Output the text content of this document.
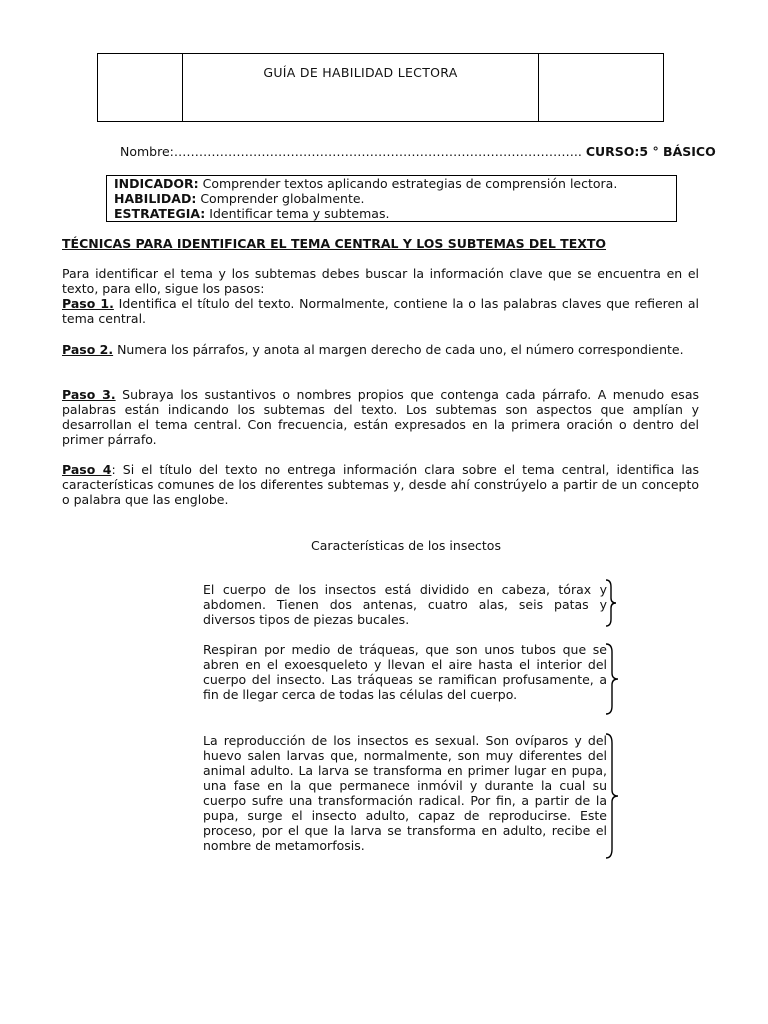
GUÍA DE HABILIDAD LECTORA
Nombre:…………………………………………………………………………………….. CURSO:5 ° BÁSICO
INDICADOR: Comprender textos aplicando estrategias de comprensión lectora.
HABILIDAD: Comprender globalmente.
ESTRATEGIA: Identificar tema y subtemas.
TÉCNICAS PARA IDENTIFICAR EL TEMA CENTRAL Y LOS SUBTEMAS DEL TEXTO
Para identificar el tema y los subtemas debes buscar la información clave que se encuentra en el texto, para ello, sigue los pasos:
Paso 1. Identifica el título del texto. Normalmente, contiene la o las palabras claves que refieren al tema central.
Paso 2. Numera los párrafos, y anota al margen derecho de cada uno, el número correspondiente.
Paso 3. Subraya los sustantivos o nombres propios que contenga cada párrafo. A menudo esas palabras están indicando los subtemas del texto. Los subtemas son aspectos que amplían y desarrollan el tema central. Con frecuencia, están expresados en la primera oración o dentro del primer párrafo.
Paso 4: Si el título del texto no entrega información clara sobre el tema central, identifica las características comunes de los diferentes subtemas y, desde ahí constrúyelo a partir de un concepto o palabra que las englobe.
Características de los insectos
El cuerpo de los insectos está dividido en cabeza, tórax y abdomen. Tienen dos antenas, cuatro alas, seis patas y diversos tipos de piezas bucales.
Respiran por medio de tráqueas, que son unos tubos que se abren en el exoesqueleto y llevan el aire hasta el interior del cuerpo del insecto. Las tráqueas se ramifican profusamente, a fin de llegar cerca de todas las células del cuerpo.
La reproducción de los insectos es sexual. Son ovíparos y del huevo salen larvas que, normalmente, son muy diferentes del animal adulto. La larva se transforma en primer lugar en pupa, una fase en la que permanece inmóvil y durante la cual su cuerpo sufre una transformación radical. Por fin, a partir de la pupa, surge el insecto adulto, capaz de reproducirse. Este proceso, por el que la larva se transforma en adulto, recibe el nombre de metamorfosis.
